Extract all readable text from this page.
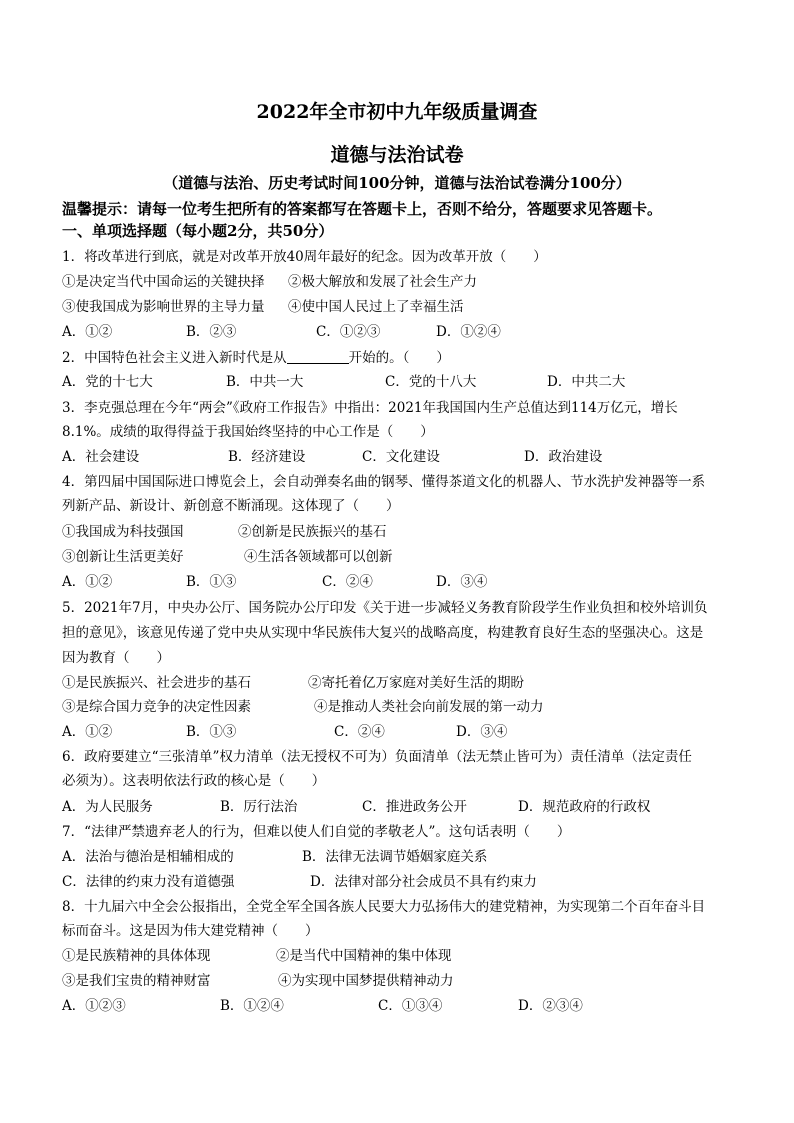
2022年全市初中九年级质量调查
道德与法治试卷
（道德与法治、历史考试时间100分钟，道德与法治试卷满分100分）
温馨提示：请每一位考生把所有的答案都写在答题卡上，否则不给分，答题要求见答题卡。
一、单项选择题（每小题2分，共50分）
1．将改革进行到底，就是对改革开放40周年最好的纪念。因为改革开放（　　）
①是决定当代中国命运的关键抉择 ②极大解放和发展了社会生产力
③使我国成为影响世界的主导力量 ④使中国人民过上了幸福生活
A．①②	B．②③	C．①②③	D．①②④
2．中国特色社会主义进入新时代是从	开始的。（　　）
A．党的十七大	B．中共一大	C．党的十八大	D．中共二大
3．李克强总理在今年“两会”《政府工作报告》中指出：2021年我国国内生产总值达到114万亿元，增长
8.1%。成绩的取得得益于我国始终坚持的中心工作是（　　）
A．社会建设	B．经济建设	C．文化建设	D．政治建设
4．第四届中国国际进口博览会上，会自动弹奏名曲的钢琴、懂得茶道文化的机器人、节水洗护发神器等一系
列新产品、新设计、新创意不断涌现。这体现了（　　）
①我国成为科技强国	②创新是民族振兴的基石
③创新让生活更美好	④生活各领域都可以创新
A．①②	B．①③	C．②④	D．③④
5．2021年7月，中央办公厅、国务院办公厅印发《关于进一步减轻义务教育阶段学生作业负担和校外培训负
担的意见》，该意见传递了党中央从实现中华民族伟大复兴的战略高度，构建教育良好生态的坚强决心。这是
因为教育（　　）
①是民族振兴、社会进步的基石	②寄托着亿万家庭对美好生活的期盼
③是综合国力竞争的决定性因素	④是推动人类社会向前发展的第一动力
A．①②	B．①③	C．②④	D．③④
6．政府要建立“三张清单”权力清单（法无授权不可为）负面清单（法无禁止皆可为）责任清单（法定责任
必须为）。这表明依法行政的核心是（　　）
A．为人民服务	B．厉行法治	C．推进政务公开	D．规范政府的行政权
7．“法律严禁遗弃老人的行为，但难以使人们自觉的孝敬老人”。这句话表明（　　）
A．法治与德治是相辅相成的	B．法律无法调节婚姻家庭关系
C．法律的约束力没有道德强	D．法律对部分社会成员不具有约束力
8．十九届六中全会公报指出，全党全军全国各族人民要大力弘扬伟大的建党精神，为实现第二个百年奋斗目
标而奋斗。这是因为伟大建党精神（　　）
①是民族精神的具体体现	②是当代中国精神的集中体现
③是我们宝贵的精神财富	④为实现中国梦提供精神动力
A．①②③	B．①②④	C．①③④	D．②③④
